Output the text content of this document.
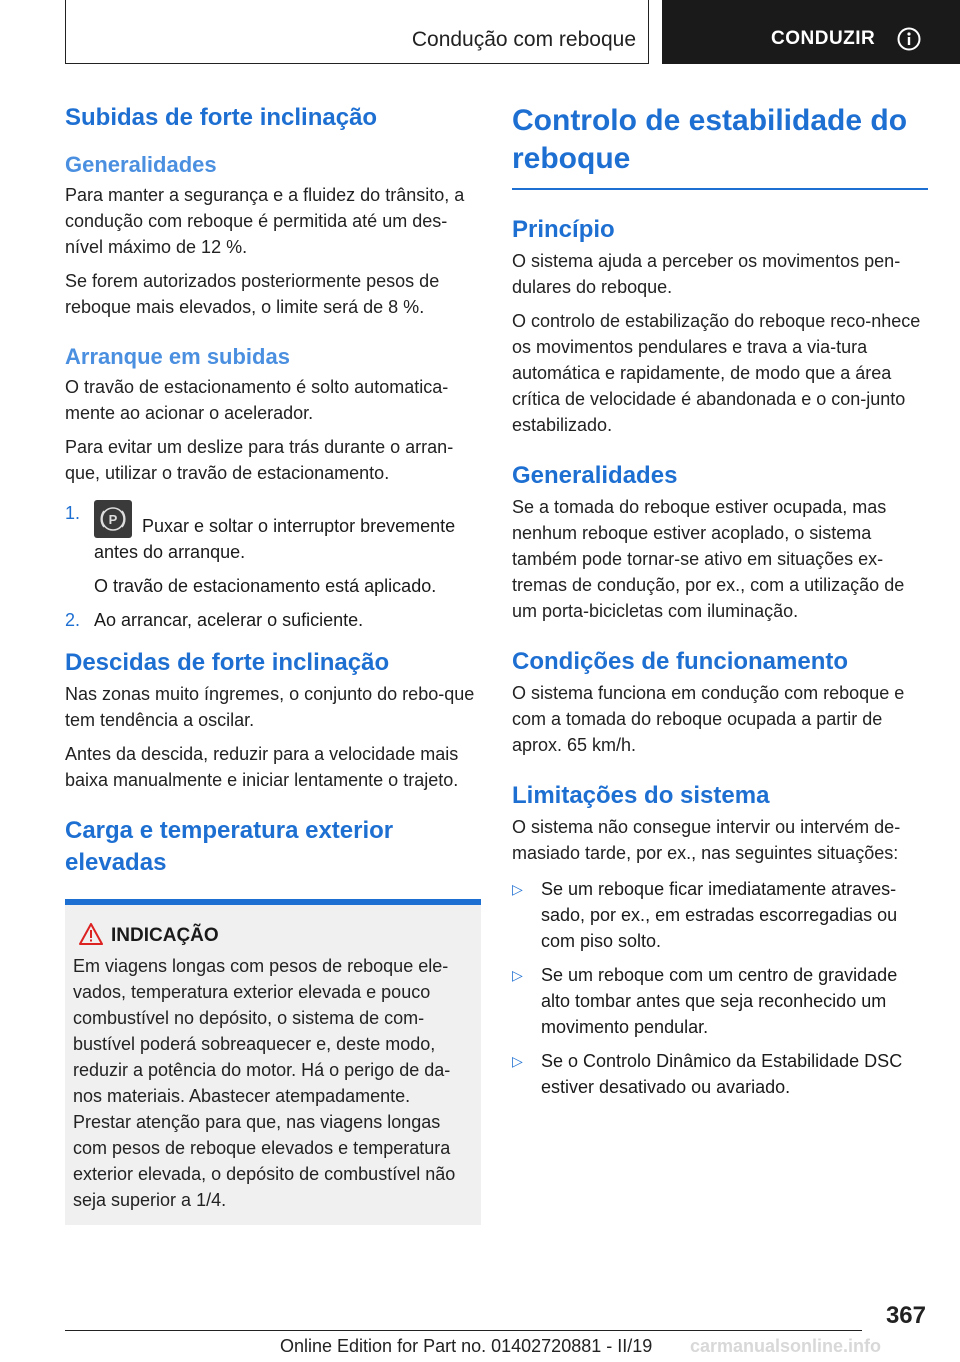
Condução com reboque	CONDUZIR
Subidas de forte inclinação
Generalidades

Para manter a segurança e a fluidez do trânsito, a condução com reboque é permitida até um des-nível máximo de 12 %.

Se forem autorizados posteriormente pesos de reboque mais elevados, o limite será de 8 %.

Arranque em subidas

O travão de estacionamento é solto automatica-mente ao acionar o acelerador.

Para evitar um deslize para trás durante o arran-que, utilizar o travão de estacionamento.

1. P Puxar e soltar o interruptor brevemente antes do arranque.
O travão de estacionamento está aplicado.
2. Ao arrancar, acelerar o suficiente.
Descidas de forte inclinação

Nas zonas muito íngremes, o conjunto do rebo-que tem tendência a oscilar.

Antes da descida, reduzir para a velocidade mais baixa manualmente e iniciar lentamente o trajeto.

Carga e temperatura exterior elevadas
INDICAÇÃO

Em viagens longas com pesos de reboque ele-vados, temperatura exterior elevada e pouco combustível no depósito, o sistema de com-bustível poderá sobreaquecer e, deste modo, reduzir a potência do motor. Há o perigo de da-nos materiais. Abastecer atempadamente. Prestar atenção para que, nas viagens longas com pesos de reboque elevados e temperatura exterior elevada, o depósito de combustível não seja superior a 1/4.

Controlo de estabilidade do reboque
Princípio

O sistema ajuda a perceber os movimentos pen-dulares do reboque.

O controlo de estabilização do reboque reco-nhece os movimentos pendulares e trava a via-tura automática e rapidamente, de modo que a área crítica de velocidade é abandonada e o con-junto estabilizado.

Generalidades

Se a tomada do reboque estiver ocupada, mas nenhum reboque estiver acoplado, o sistema também pode tornar-se ativo em situações ex-tremas de condução, por ex., com a utilização de um porta-bicicletas com iluminação.

Condições de funcionamento

O sistema funciona em condução com reboque e com a tomada do reboque ocupada a partir de aprox. 65 km/h.

Limitações do sistema

O sistema não consegue intervir ou intervém de-masiado tarde, por ex., nas seguintes situações:

▷ Se um reboque ficar imediatamente atraves-sado, por ex., em estradas escorregadias ou com piso solto.
▷ Se um reboque com um centro de gravidade alto tombar antes que seja reconhecido um movimento pendular.
▷ Se o Controlo Dinâmico da Estabilidade DSC estiver desativado ou avariado.
367
Online Edition for Part no. 01402720881 - II/19 carmanualsonline.info
